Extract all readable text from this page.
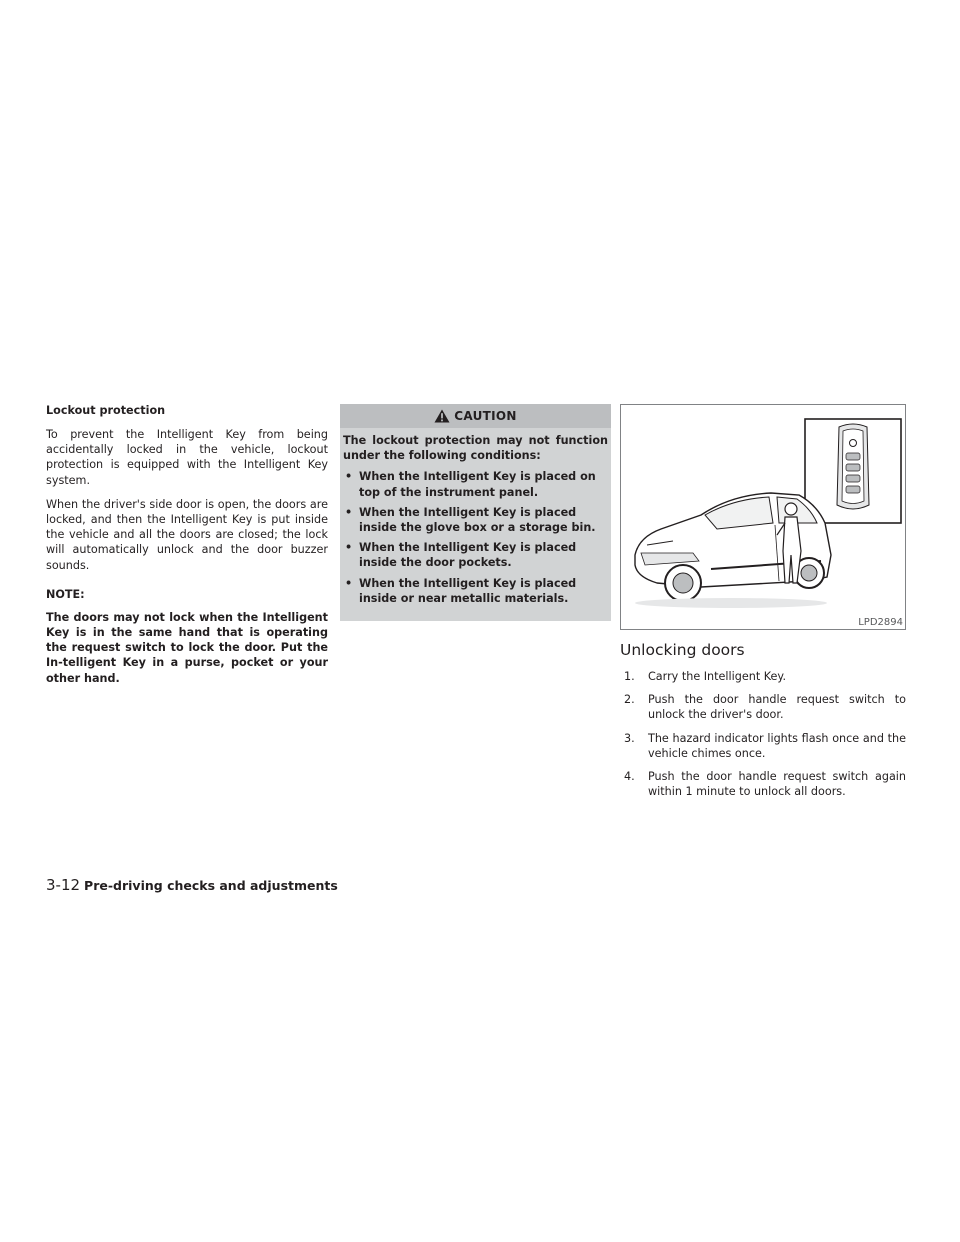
Lockout protection

To prevent the Intelligent Key from being accidentally locked in the vehicle, lockout protection is equipped with the Intelligent Key system.

When the driver's side door is open, the doors are locked, and then the Intelligent Key is put inside the vehicle and all the doors are closed; the lock will automatically unlock and the door buzzer sounds.

NOTE:

The doors may not lock when the Intelligent Key is in the same hand that is operating the request switch to lock the door. Put the In-telligent Key in a purse, pocket or your other hand.

CAUTION

The lockout protection may not function under the following conditions:

• When the Intelligent Key is placed on top of the instrument panel.
• When the Intelligent Key is placed inside the glove box or a storage bin.
• When the Intelligent Key is placed inside the door pockets.
• When the Intelligent Key is placed inside or near metallic materials.
LPD2894
Unlocking doors
1. Carry the Intelligent Key.
2. Push the door handle request switch to unlock the driver's door.
3. The hazard indicator lights flash once and the vehicle chimes once.
4. Push the door handle request switch again within 1 minute to unlock all doors.
3-12 Pre-driving checks and adjustments
